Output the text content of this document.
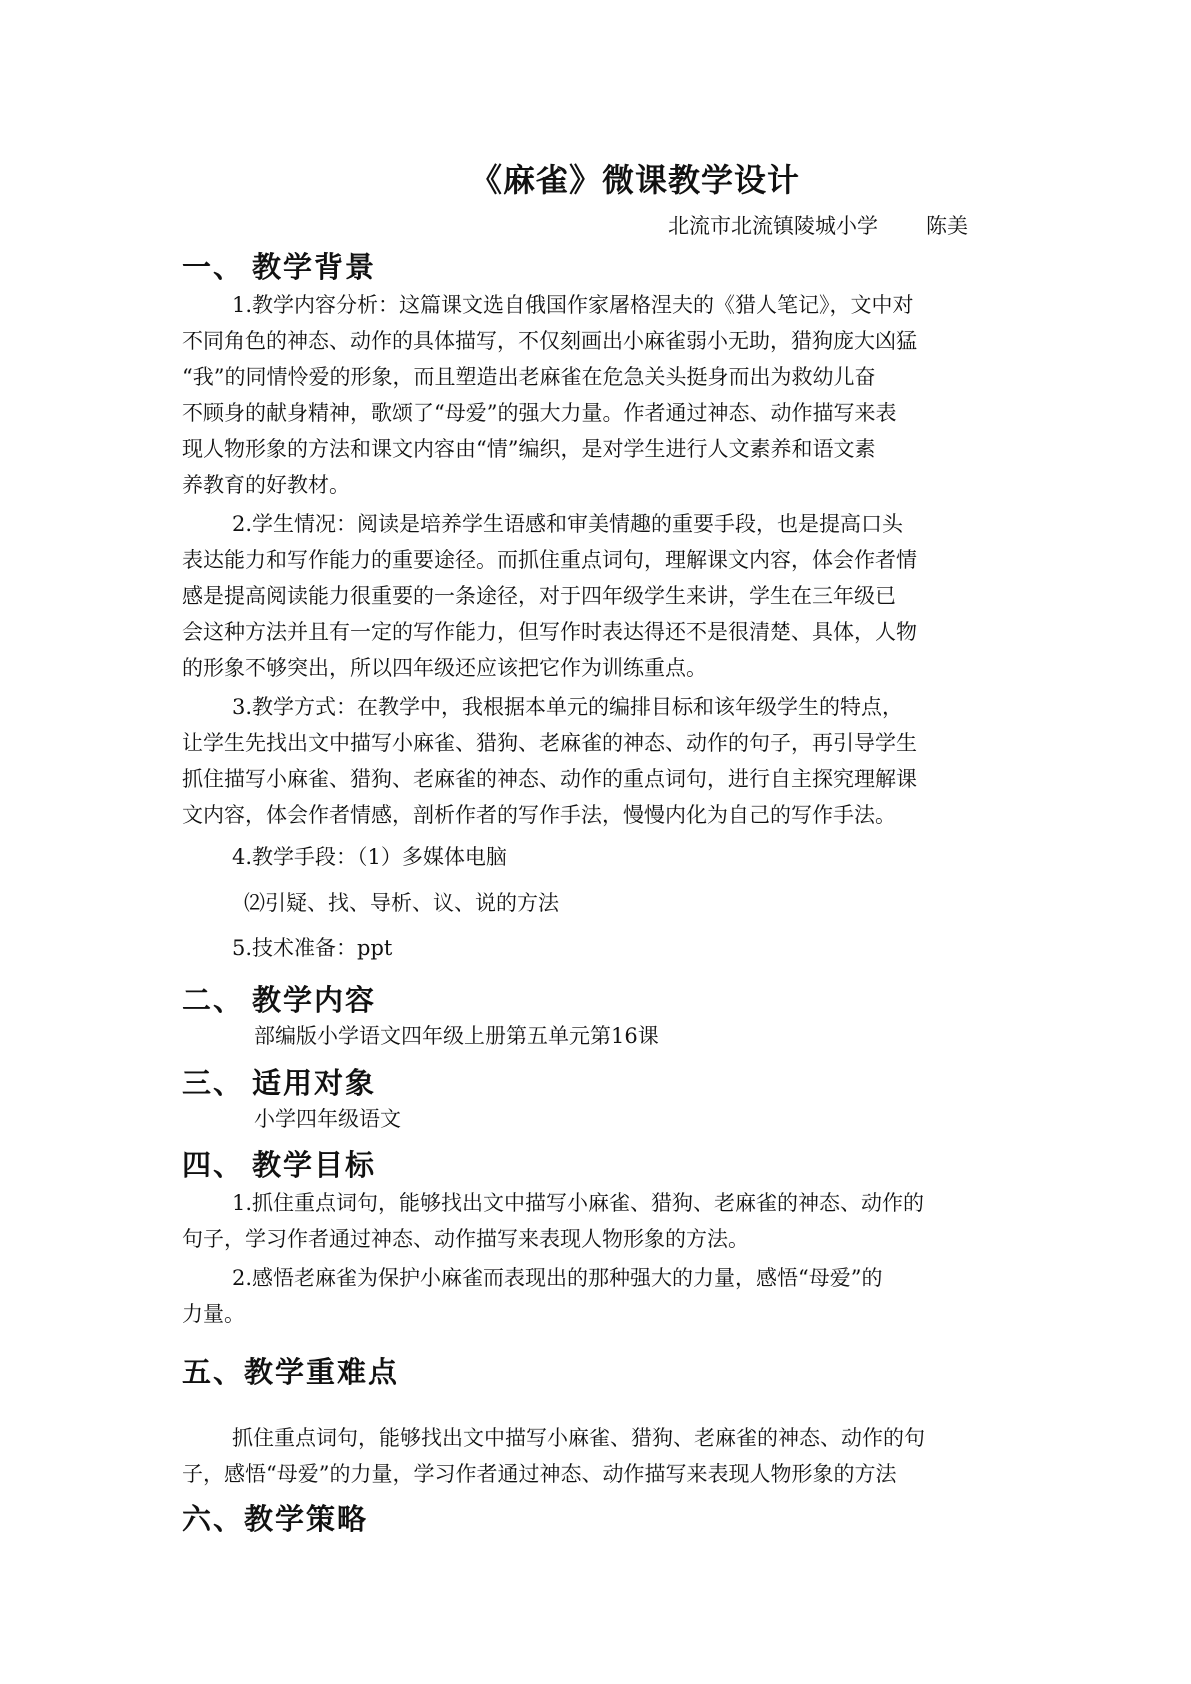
《麻雀》微课教学设计
北流市北流镇陵城小学 陈美
一、 教学背景
1.教学内容分析：这篇课文选自俄国作家屠格涅夫的《猎人笔记》，文中对
不同角色的神态、动作的具体描写，不仅刻画出小麻雀弱小无助，猎狗庞大凶猛
“我”的同情怜爱的形象，而且塑造出老麻雀在危急关头挺身而出为救幼儿奋
不顾身的献身精神，歌颂了“母爱”的强大力量。作者通过神态、动作描写来表
现人物形象的方法和课文内容由“情”编织，是对学生进行人文素养和语文素
养教育的好教材。
2.学生情况：阅读是培养学生语感和审美情趣的重要手段，也是提高口头
表达能力和写作能力的重要途径。而抓住重点词句，理解课文内容，体会作者情
感是提高阅读能力很重要的一条途径，对于四年级学生来讲，学生在三年级已
会这种方法并且有一定的写作能力，但写作时表达得还不是很清楚、具体，人物
的形象不够突出，所以四年级还应该把它作为训练重点。
3.教学方式：在教学中，我根据本单元的编排目标和该年级学生的特点，
让学生先找出文中描写小麻雀、猎狗、老麻雀的神态、动作的句子，再引导学生
抓住描写小麻雀、猎狗、老麻雀的神态、动作的重点词句，进行自主探究理解课
文内容，体会作者情感，剖析作者的写作手法，慢慢内化为自己的写作手法。
4.教学手段：（1）多媒体电脑
⑵引疑、找、导析、议、说的方法
5.技术准备：ppt
二、 教学内容
部编版小学语文四年级上册第五单元第16课
三、 适用对象
小学四年级语文
四、 教学目标
1.抓住重点词句，能够找出文中描写小麻雀、猎狗、老麻雀的神态、动作的
句子，学习作者通过神态、动作描写来表现人物形象的方法。
2.感悟老麻雀为保护小麻雀而表现出的那种强大的力量，感悟“母爱”的
力量。
五、教学重难点
抓住重点词句，能够找出文中描写小麻雀、猎狗、老麻雀的神态、动作的句
子，感悟“母爱”的力量，学习作者通过神态、动作描写来表现人物形象的方法
六、教学策略
